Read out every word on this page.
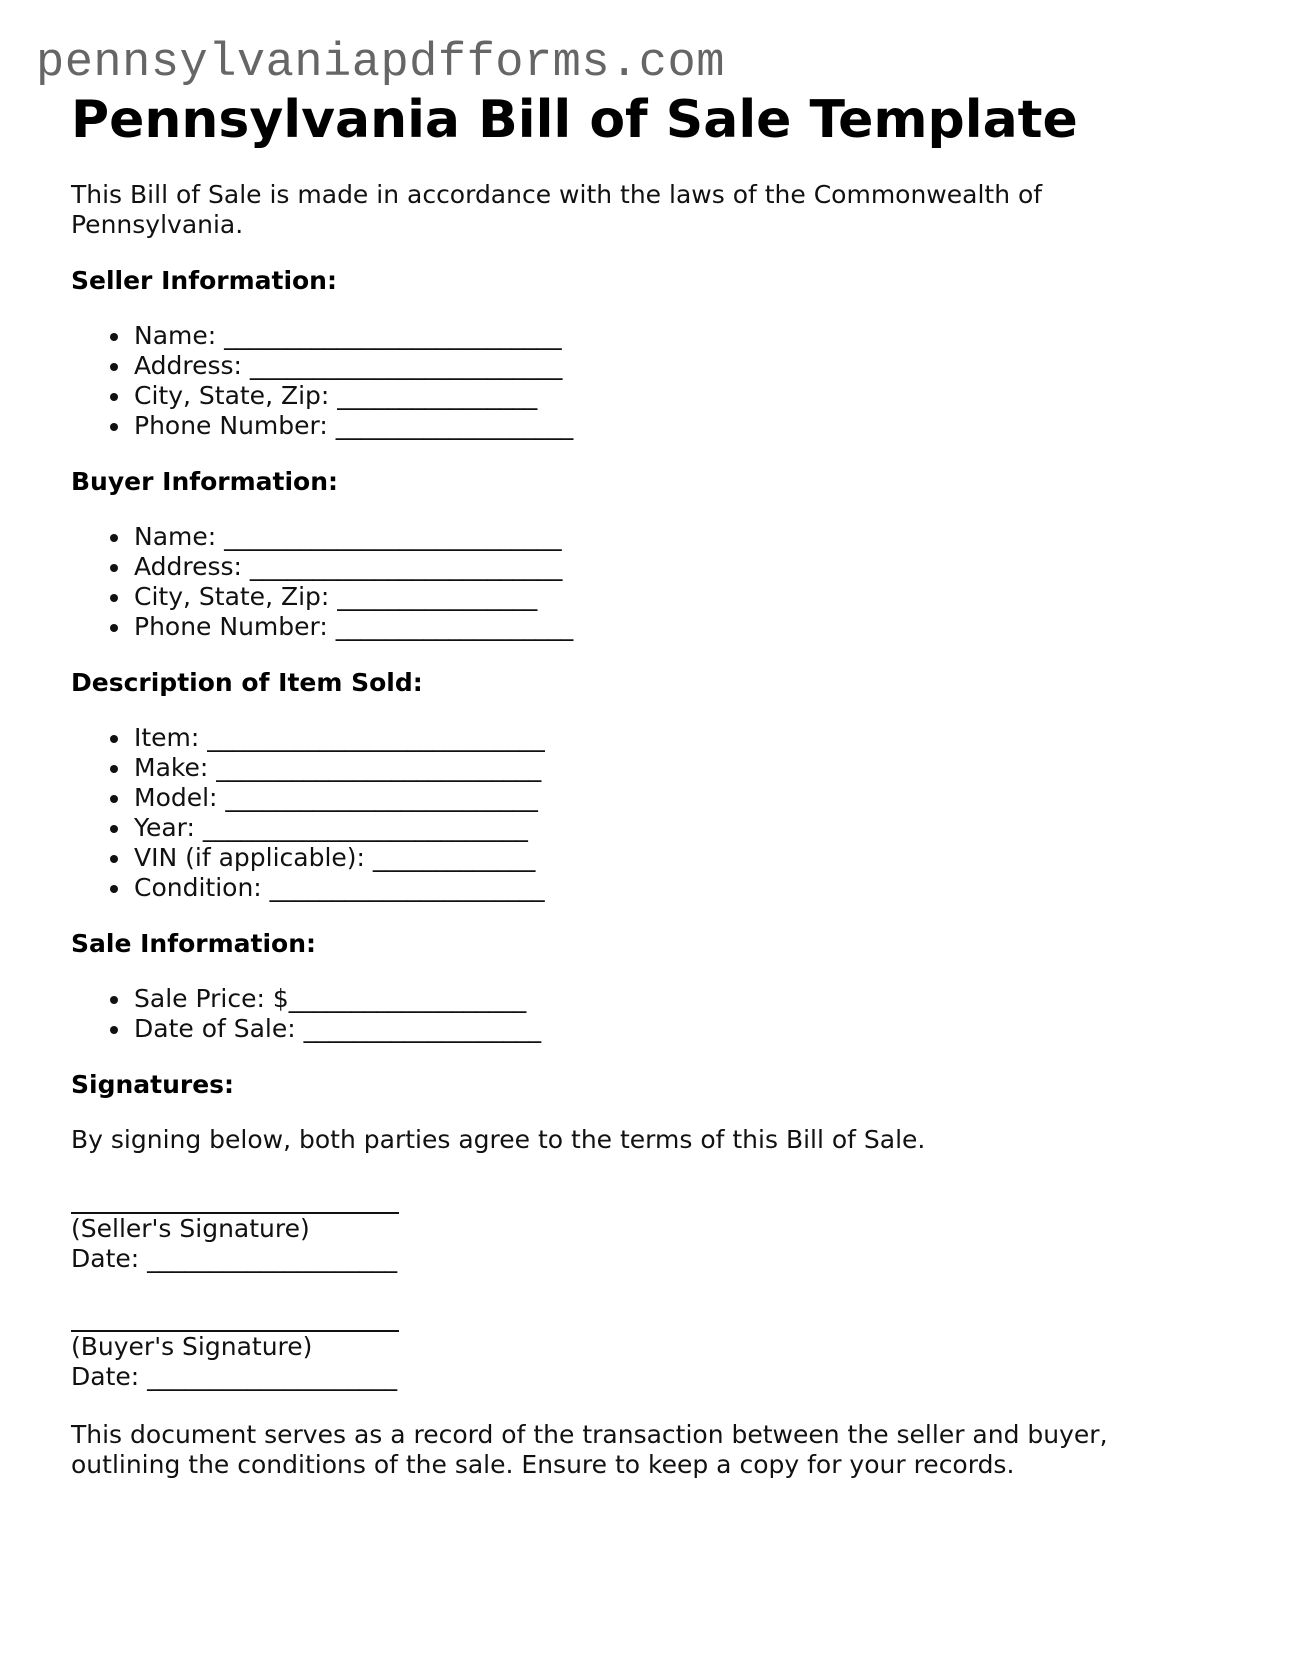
pennsylvaniapdfforms.com
Pennsylvania Bill of Sale Template

This Bill of Sale is made in accordance with the laws of the Commonwealth of Pennsylvania.

Seller Information:
Name: ___________________________
Address: _________________________
City, State, Zip: ________________
Phone Number: ___________________
Buyer Information:
Name: ___________________________
Address: _________________________
City, State, Zip: ________________
Phone Number: ___________________
Description of Item Sold:
Item: ___________________________
Make: __________________________
Model: _________________________
Year: __________________________
VIN (if applicable): _____________
Condition: ______________________
Sale Information:
Sale Price: $___________________
Date of Sale: ___________________
Signatures:

By signing below, both parties agree to the terms of this Bill of Sale.

(Seller's Signature)

Date: ____________________

(Buyer's Signature)

Date: ____________________

This document serves as a record of the transaction between the seller and buyer, outlining the conditions of the sale. Ensure to keep a copy for your records.
